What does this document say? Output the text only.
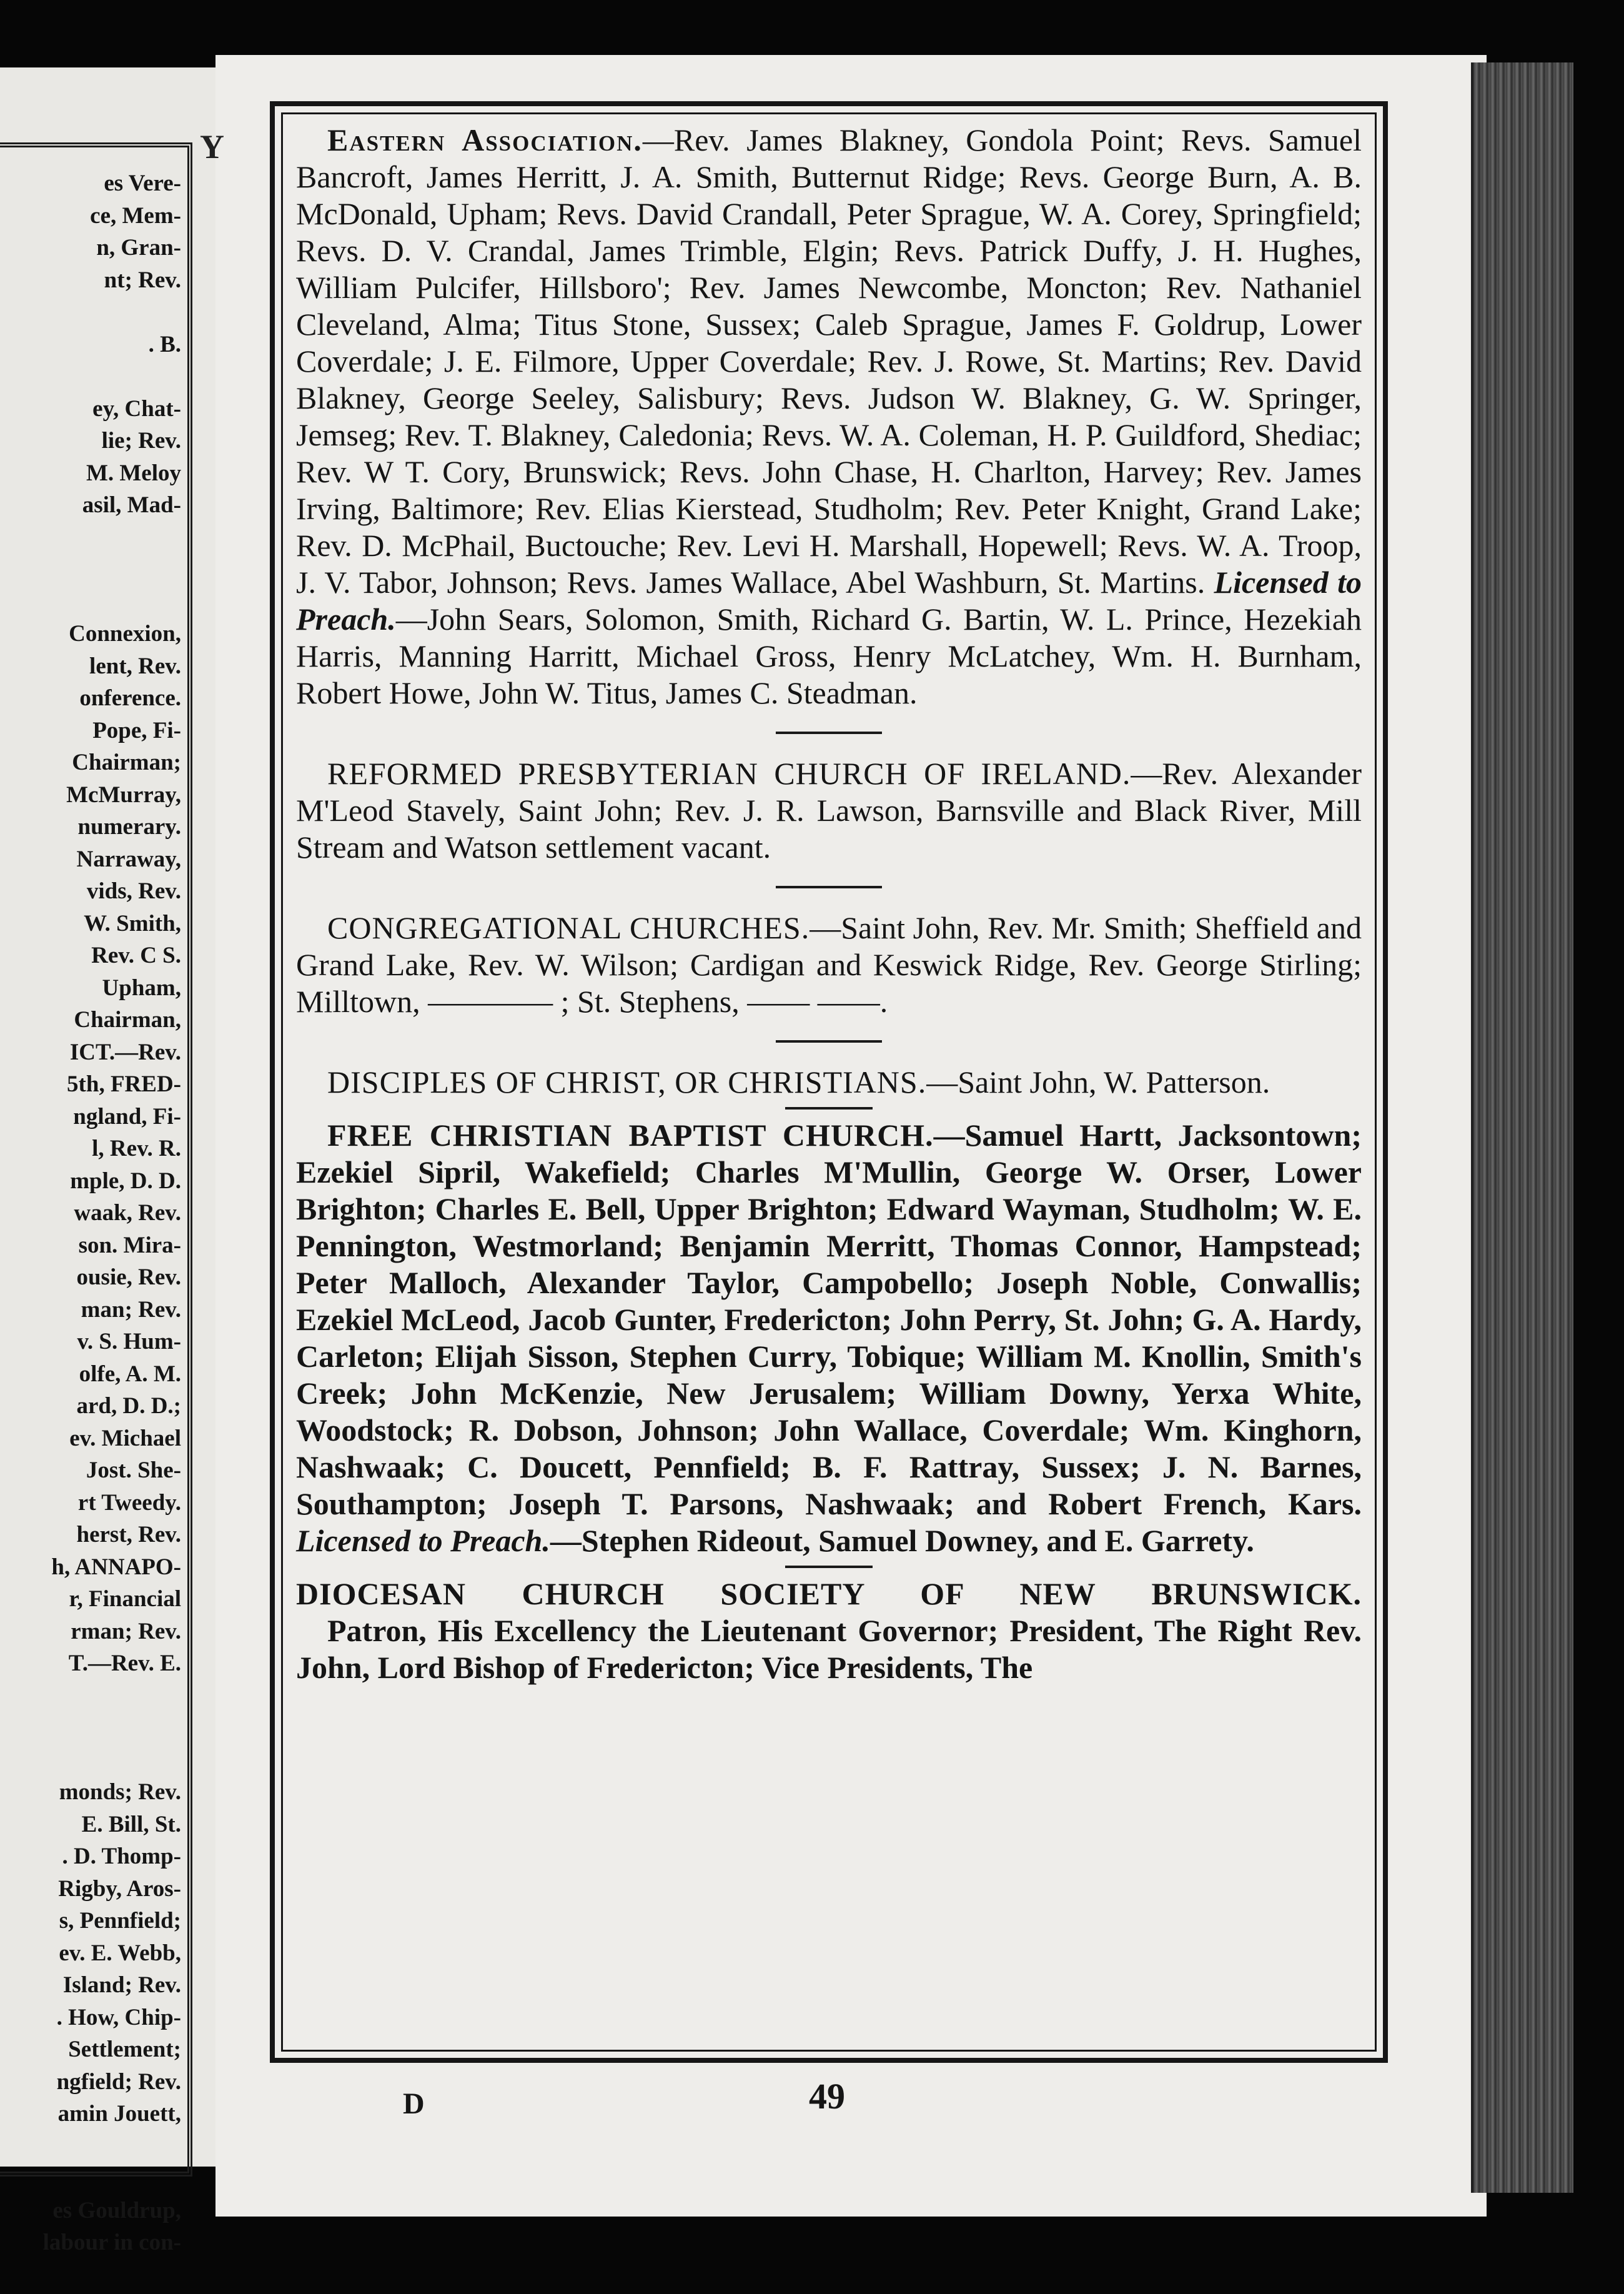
es Vere-
ce, Mem-
n, Gran-
nt; Rev.
. B.
ey, Chat-
lie; Rev.
M. Meloy
asil, Mad-
Connexion,
lent, Rev.
onference.
Pope, Fi-
Chairman;
McMurray,
numerary.
Narraway,
vids, Rev.
W. Smith,
Rev. C S.
Upham,
Chairman,
ICT.—Rev.
5th, FRED-
ngland, Fi-
l, Rev. R.
mple, D. D.
waak, Rev.
son. Mira-
ousie, Rev.
man; Rev.
v. S. Hum-
olfe, A. M.
ard, D. D.;
ev. Michael
Jost. She-
rt Tweedy.
herst, Rev.
h, ANNAPO-
r, Financial
rman; Rev.
T.—Rev. E.
monds; Rev.
E. Bill, St.
. D. Thomp-
Rigby, Aros-
s, Pennfield;
ev. E. Webb,
Island; Rev.
. How, Chip-
Settlement;
ngfield; Rev.
amin Jouett,
es Gouldrup,
labour in con-
Y	Eastern Association.—Rev. James Blakney, Gondola Point; Revs. Samuel Bancroft, James Herritt, J. A. Smith, Butternut Ridge; Revs. George Burn, A. B. McDonald, Upham; Revs. David Crandall, Peter Sprague, W. A. Corey, Springfield; Revs. D. V. Crandal, James Trimble, Elgin; Revs. Patrick Duffy, J. H. Hughes, William Pulcifer, Hillsboro'; Rev. James Newcombe, Moncton; Rev. Nathaniel Cleveland, Alma; Titus Stone, Sussex; Caleb Sprague, James F. Goldrup, Lower Coverdale; J. E. Filmore, Upper Coverdale; Rev. J. Rowe, St. Martins; Rev. David Blakney, George Seeley, Salisbury; Revs. Judson W. Blakney, G. W. Springer, Jemseg; Rev. T. Blakney, Caledonia; Revs. W. A. Coleman, H. P. Guildford, Shediac; Rev. W T. Cory, Brunswick; Revs. John Chase, H. Charlton, Harvey; Rev. James Irving, Baltimore; Rev. Elias Kierstead, Studholm; Rev. Peter Knight, Grand Lake; Rev. D. McPhail, Buctouche; Rev. Levi H. Marshall, Hopewell; Revs. W. A. Troop, J. V. Tabor, Johnson; Revs. James Wallace, Abel Washburn, St. Martins. Licensed to Preach.—John Sears, Solomon, Smith, Richard G. Bartin, W. L. Prince, Hezekiah Harris, Manning Harritt, Michael Gross, Henry McLatchey, Wm. H. Burnham, Robert Howe, John W. Titus, James C. Steadman.

REFORMED PRESBYTERIAN CHURCH OF IRELAND.—Rev. Alexander M'Leod Stavely, Saint John; Rev. J. R. Lawson, Barnsville and Black River, Mill Stream and Watson settlement vacant.

CONGREGATIONAL CHURCHES.—Saint John, Rev. Mr. Smith; Sheffield and Grand Lake, Rev. W. Wilson; Cardigan and Keswick Ridge, Rev. George Stirling; Milltown, ———— ; St. Stephens, —— ——.

DISCIPLES OF CHRIST, OR CHRISTIANS.—Saint John, W. Patterson.

FREE CHRISTIAN BAPTIST CHURCH.—Samuel Hartt, Jacksontown; Ezekiel Sipril, Wakefield; Charles M'Mullin, George W. Orser, Lower Brighton; Charles E. Bell, Upper Brighton; Edward Wayman, Studholm; W. E. Pennington, Westmorland; Benjamin Merritt, Thomas Connor, Hampstead; Peter Malloch, Alexander Taylor, Campobello; Joseph Noble, Conwallis; Ezekiel McLeod, Jacob Gunter, Fredericton; John Perry, St. John; G. A. Hardy, Carleton; Elijah Sisson, Stephen Curry, Tobique; William M. Knollin, Smith's Creek; John McKenzie, New Jerusalem; William Downy, Yerxa White, Woodstock; R. Dobson, Johnson; John Wallace, Coverdale; Wm. Kinghorn, Nashwaak; C. Doucett, Pennfield; B. F. Rattray, Sussex; J. N. Barnes, Southampton; Joseph T. Parsons, Nashwaak; and Robert French, Kars. Licensed to Preach.—Stephen Rideout, Samuel Downey, and E. Garrety.

DIOCESAN CHURCH SOCIETY OF NEW BRUNSWICK.

Patron, His Excellency the Lieutenant Governor; President, The Right Rev. John, Lord Bishop of Fredericton; Vice Presidents, The

D	49
